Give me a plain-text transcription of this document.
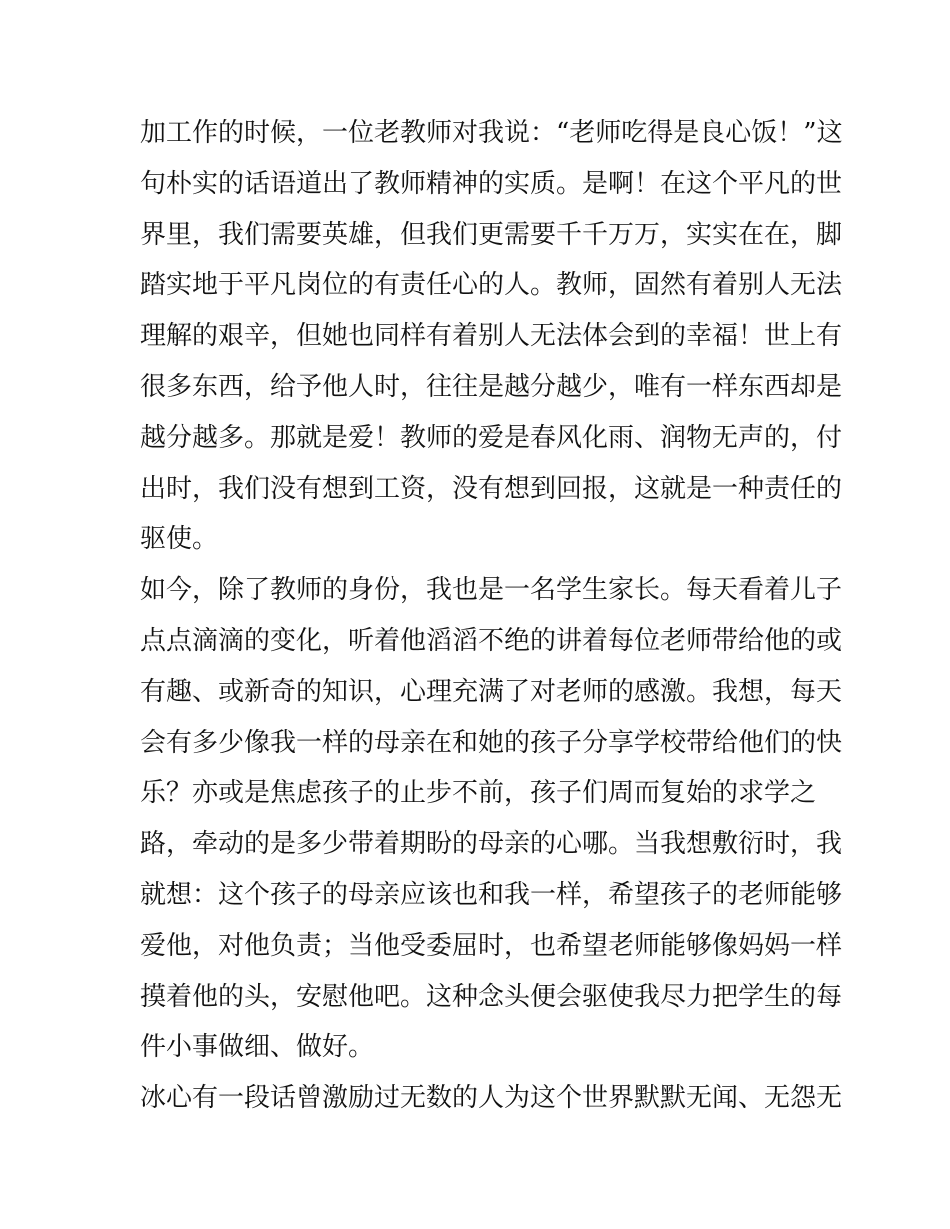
加工作的时候，一位老教师对我说：“老师吃得是良心饭！”这
句朴实的话语道出了教师精神的实质。是啊！在这个平凡的世
界里，我们需要英雄，但我们更需要千千万万，实实在在，脚
踏实地于平凡岗位的有责任心的人。教师，固然有着别人无法
理解的艰辛，但她也同样有着别人无法体会到的幸福！世上有
很多东西，给予他人时，往往是越分越少，唯有一样东西却是
越分越多。那就是爱！教师的爱是春风化雨、润物无声的，付
出时，我们没有想到工资，没有想到回报，这就是一种责任的
驱使。
如今，除了教师的身份，我也是一名学生家长。每天看着儿子
点点滴滴的变化，听着他滔滔不绝的讲着每位老师带给他的或
有趣、或新奇的知识，心理充满了对老师的感激。我想，每天
会有多少像我一样的母亲在和她的孩子分享学校带给他们的快
乐？亦或是焦虑孩子的止步不前，孩子们周而复始的求学之
路，牵动的是多少带着期盼的母亲的心哪。当我想敷衍时，我
就想：这个孩子的母亲应该也和我一样，希望孩子的老师能够
爱他，对他负责；当他受委屈时，也希望老师能够像妈妈一样
摸着他的头，安慰他吧。这种念头便会驱使我尽力把学生的每
件小事做细、做好。
冰心有一段话曾激励过无数的人为这个世界默默无闻、无怨无
